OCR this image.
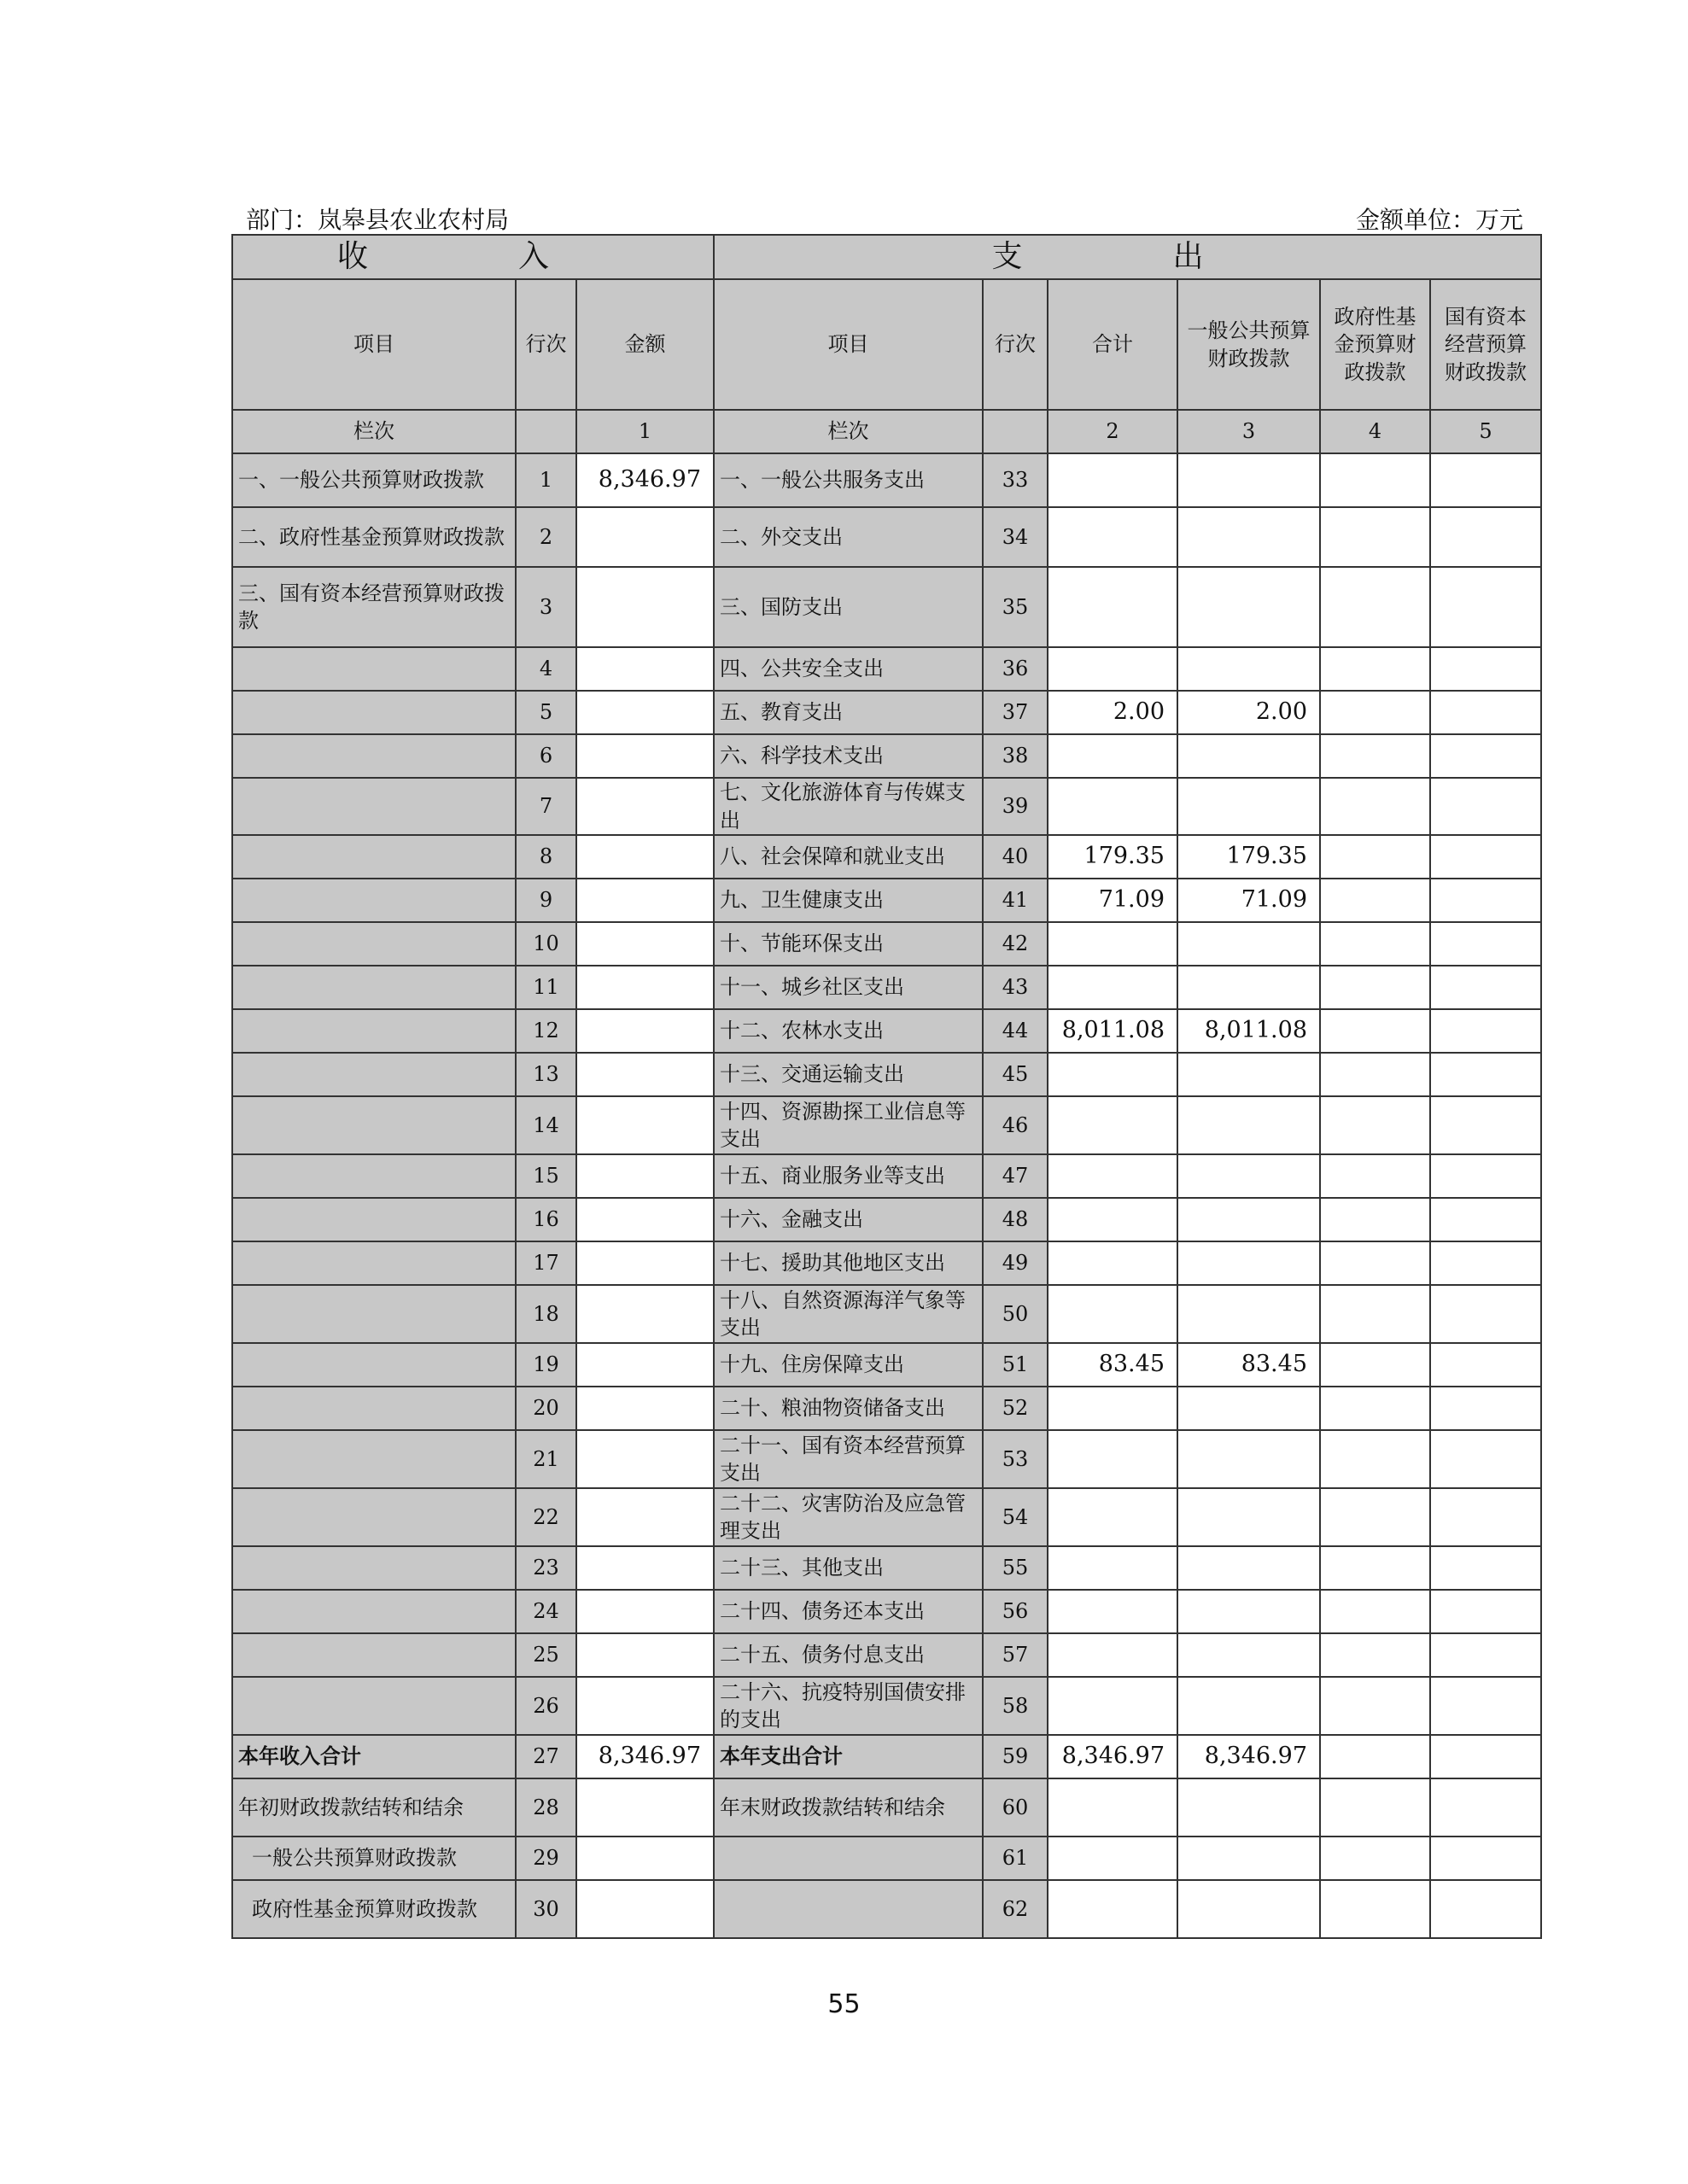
部门：岚皋县农业农村局	金额单位：万元
收　入			支　出					
项目	行次	金额	项目	行次	合计	一般公共预算财政拨款	政府性基金预算财政拨款	国有资本经营预算财政拨款
栏次		1	栏次		2	3	4	5
一、一般公共预算财政拨款	1	8,346.97	一、一般公共服务支出	33				
二、政府性基金预算财政拨款	2		二、外交支出	34				
三、国有资本经营预算财政拨款	3		三、国防支出	35				
	4		四、公共安全支出	36				
	5		五、教育支出	37	2.00	2.00		
	6		六、科学技术支出	38				
	7		七、文化旅游体育与传媒支出	39				
	8		八、社会保障和就业支出	40	179.35	179.35		
	9		九、卫生健康支出	41	71.09	71.09		
	10		十、节能环保支出	42				
	11		十一、城乡社区支出	43				
	12		十二、农林水支出	44	8,011.08	8,011.08		
	13		十三、交通运输支出	45				
	14		十四、资源勘探工业信息等支出	46				
	15		十五、商业服务业等支出	47				
	16		十六、金融支出	48				
	17		十七、援助其他地区支出	49				
	18		十八、自然资源海洋气象等支出	50				
	19		十九、住房保障支出	51	83.45	83.45		
	20		二十、粮油物资储备支出	52				
	21		二十一、国有资本经营预算支出	53				
	22		二十二、灾害防治及应急管理支出	54				
	23		二十三、其他支出	55				
	24		二十四、债务还本支出	56				
	25		二十五、债务付息支出	57				
	26		二十六、抗疫特别国债安排的支出	58				
本年收入合计	27	8,346.97	本年支出合计	59	8,346.97	8,346.97		
年初财政拨款结转和结余	28		年末财政拨款结转和结余	60				
一般公共预算财政拨款	29			61				
政府性基金预算财政拨款	30			62				
55
